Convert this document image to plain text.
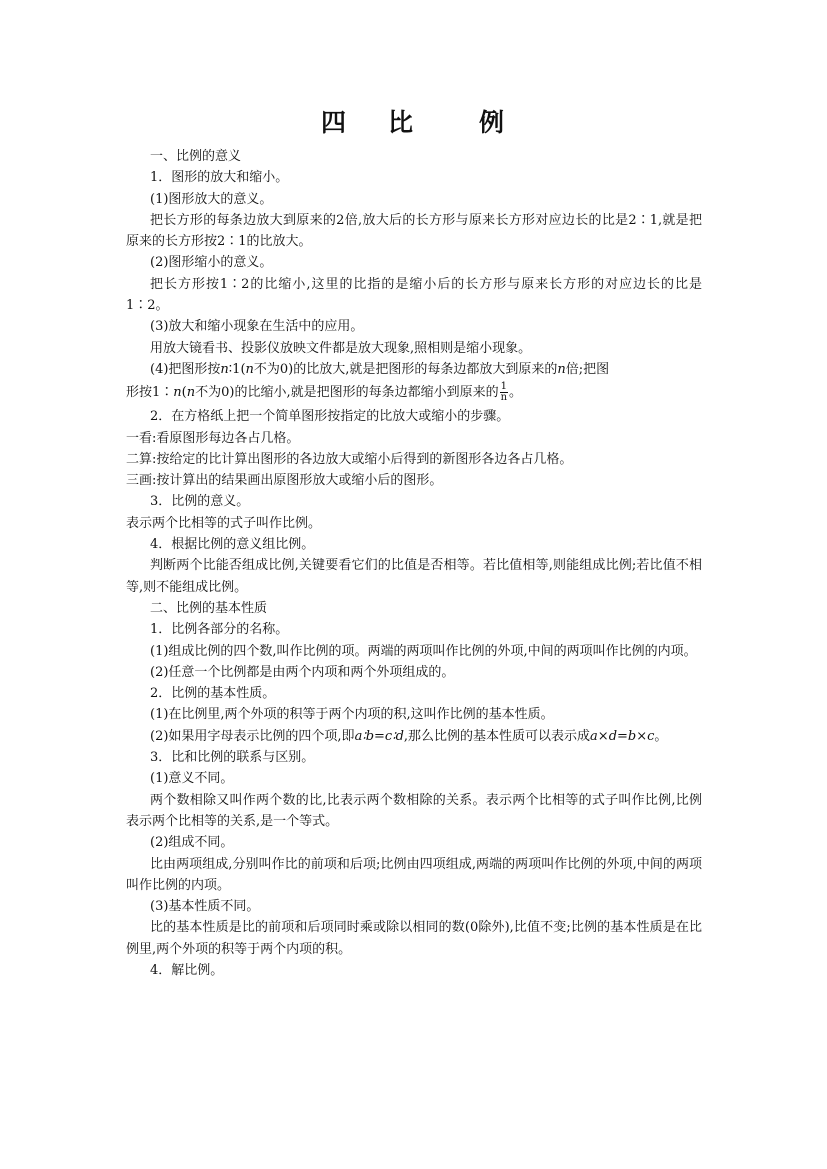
四 比	例

一、比例的意义

1．图形的放大和缩小。

(1)图形放大的意义。

把长方形的每条边放大到原来的2倍,放大后的长方形与原来长方形对应边长的比是2∶1,就是把原来的长方形按2∶1的比放大。

(2)图形缩小的意义。

把长方形按1∶2的比缩小,这里的比指的是缩小后的长方形与原来长方形的对应边长的比是1∶2。

(3)放大和缩小现象在生活中的应用。

用放大镜看书、投影仪放映文件都是放大现象,照相则是缩小现象。

(4)把图形按n∶1(n不为0)的比放大,就是把图形的每条边都放大到原来的n倍;把图

形按1∶n(n不为0)的比缩小,就是把图形的每条边都缩小到原来的 $\frac{1}{n}$ 。

2．在方格纸上把一个简单图形按指定的比放大或缩小的步骤。

一看:看原图形每边各占几格。

二算:按给定的比计算出图形的各边放大或缩小后得到的新图形各边各占几格。

三画:按计算出的结果画出原图形放大或缩小后的图形。

3．比例的意义。

表示两个比相等的式子叫作比例。

4．根据比例的意义组比例。

判断两个比能否组成比例,关键要看它们的比值是否相等。若比值相等,则能组成比例;若比值不相等,则不能组成比例。

二、比例的基本性质

1．比例各部分的名称。

(1)组成比例的四个数,叫作比例的项。两端的两项叫作比例的外项,中间的两项叫作比例的内项。

(2)任意一个比例都是由两个内项和两个外项组成的。

2．比例的基本性质。

(1)在比例里,两个外项的积等于两个内项的积,这叫作比例的基本性质。

(2)如果用字母表示比例的四个项,即a∶b=c∶d,那么比例的基本性质可以表示成a×d=b×c。

3．比和比例的联系与区别。

(1)意义不同。

两个数相除又叫作两个数的比,比表示两个数相除的关系。表示两个比相等的式子叫作比例,比例表示两个比相等的关系,是一个等式。

(2)组成不同。

比由两项组成,分别叫作比的前项和后项;比例由四项组成,两端的两项叫作比例的外项,中间的两项叫作比例的内项。

(3)基本性质不同。

比的基本性质是比的前项和后项同时乘或除以相同的数(0除外),比值不变;比例的基本性质是在比例里,两个外项的积等于两个内项的积。

4．解比例。
